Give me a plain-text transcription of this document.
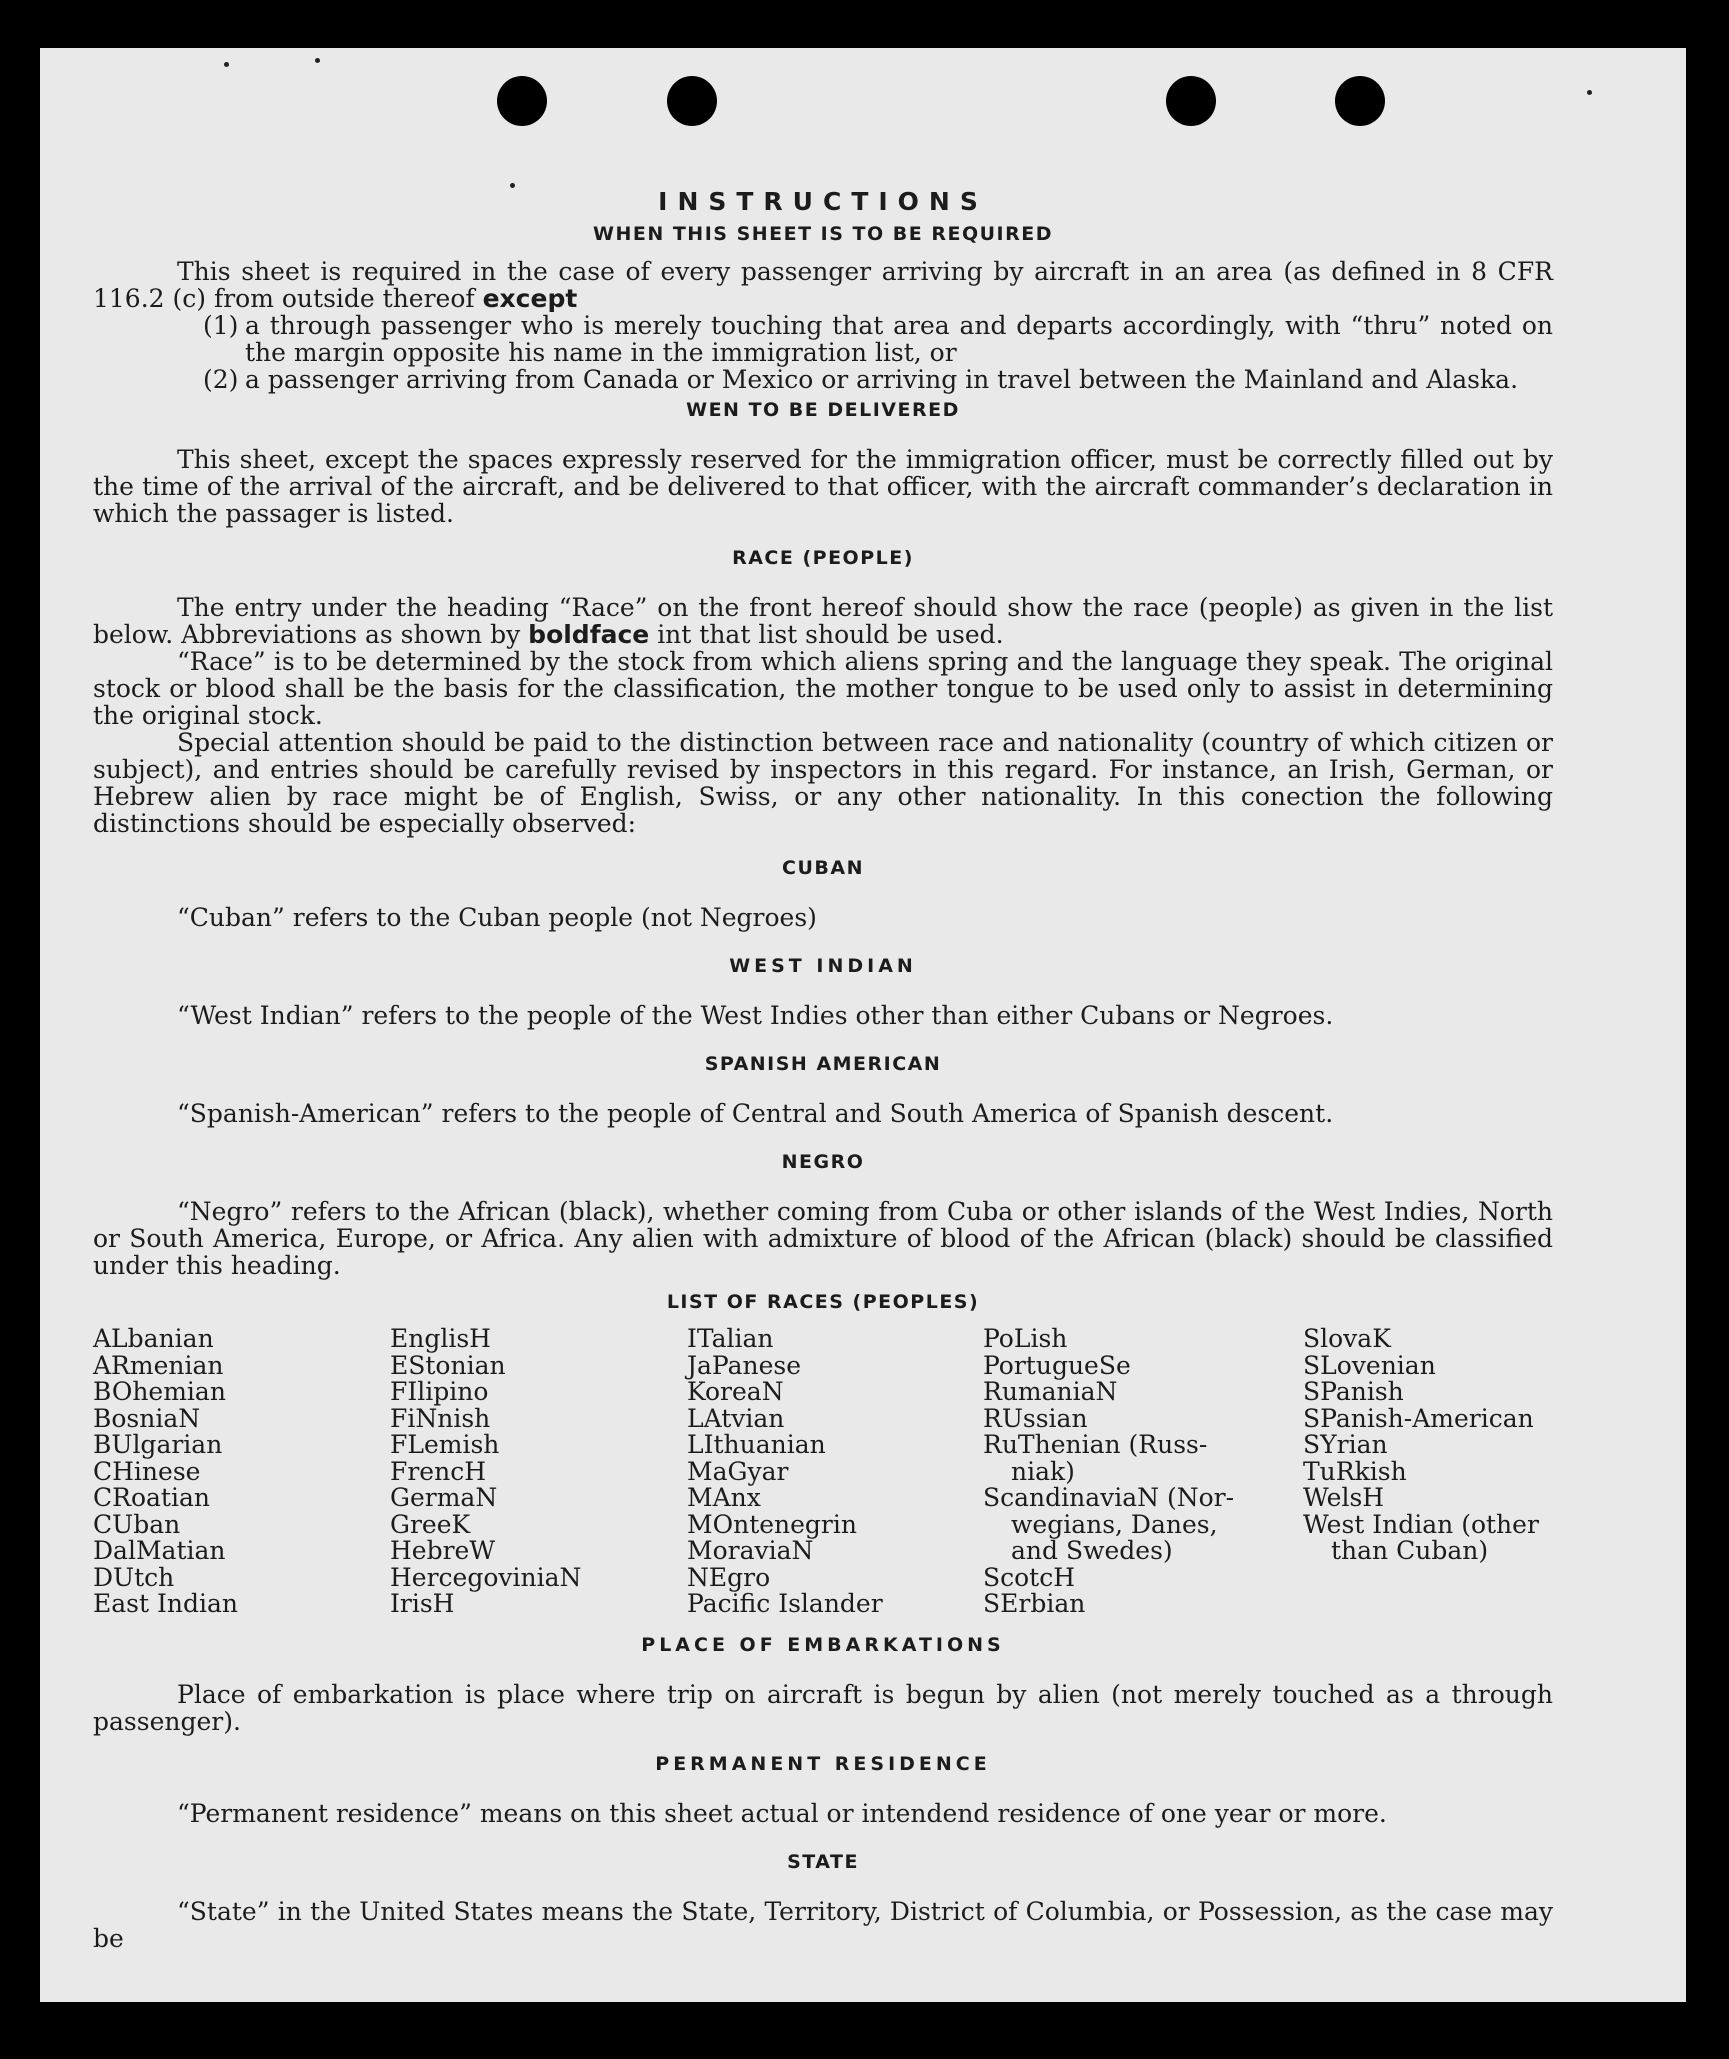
INSTRUCTIONS
WHEN THIS SHEET IS TO BE REQUIRED

This sheet is required in the case of every passenger arriving by aircraft in an area (as defined in 8 CFR 116.2 (c) from outside thereof except

(1) a through passenger who is merely touching that area and departs accordingly, with “thru” noted on the margin opposite his name in the immigration list, or
(2) a passenger arriving from Canada or Mexico or arriving in travel between the Mainland and Alaska.
WEN TO BE DELIVERED

This sheet, except the spaces expressly reserved for the immigration officer, must be correctly filled out by the time of the arrival of the aircraft, and be delivered to that officer, with the aircraft commander’s declaration in which the passager is listed.

RACE (PEOPLE)

The entry under the heading “Race” on the front hereof should show the race (people) as given in the list below. Abbreviations as shown by boldface int that list should be used.

“Race” is to be determined by the stock from which aliens spring and the language they speak. The original stock or blood shall be the basis for the classification, the mother tongue to be used only to assist in determining the original stock.

Special attention should be paid to the distinction between race and nationality (country of which citizen or subject), and entries should be carefully revised by inspectors in this regard. For instance, an Irish, German, or Hebrew alien by race might be of English, Swiss, or any other nationality. In this conection the following distinctions should be especially observed:

CUBAN

“Cuban” refers to the Cuban people (not Negroes)

WEST INDIAN

“West Indian” refers to the people of the West Indies other than either Cubans or Negroes.

SPANISH AMERICAN

“Spanish-American” refers to the people of Central and South America of Spanish descent.

NEGRO

“Negro” refers to the African (black), whether coming from Cuba or other islands of the West Indies, North or South America, Europe, or Africa. Any alien with admixture of blood of the African (black) should be classified under this heading.

LIST OF RACES (PEOPLES)
ALbanian
ARmenian
BOhemian
BosniaN
BUlgarian
CHinese
CRoatian
CUban
DalMatian
DUtch
East Indian
EnglisH
EStonian
FIlipino
FiNnish
FLemish
FrencH
GermaN
GreeK
HebreW
HercegoviniaN
IrisH
ITalian
JaPanese
KoreaN
LAtvian
LIthuanian
MaGyar
MAnx
MOntenegrin
MoraviaN
NEgro
Pacific Islander
PoLish
PortugueSe
RumaniaN
RUssian
RuThenian (Russ-
niak)
ScandinaviaN (Nor-
wegians, Danes,
and Swedes)
ScotcH
SErbian
SlovaK
SLovenian
SPanish
SPanish-American
SYrian
TuRkish
WelsH
West Indian (other
than Cuban)
PLACE OF EMBARKATIONS

Place of embarkation is place where trip on aircraft is begun by alien (not merely touched as a through passenger).

PERMANENT RESIDENCE

“Permanent residence” means on this sheet actual or intendend residence of one year or more.

STATE

“State” in the United States means the State, Territory, District of Columbia, or Possession, as the case may be
